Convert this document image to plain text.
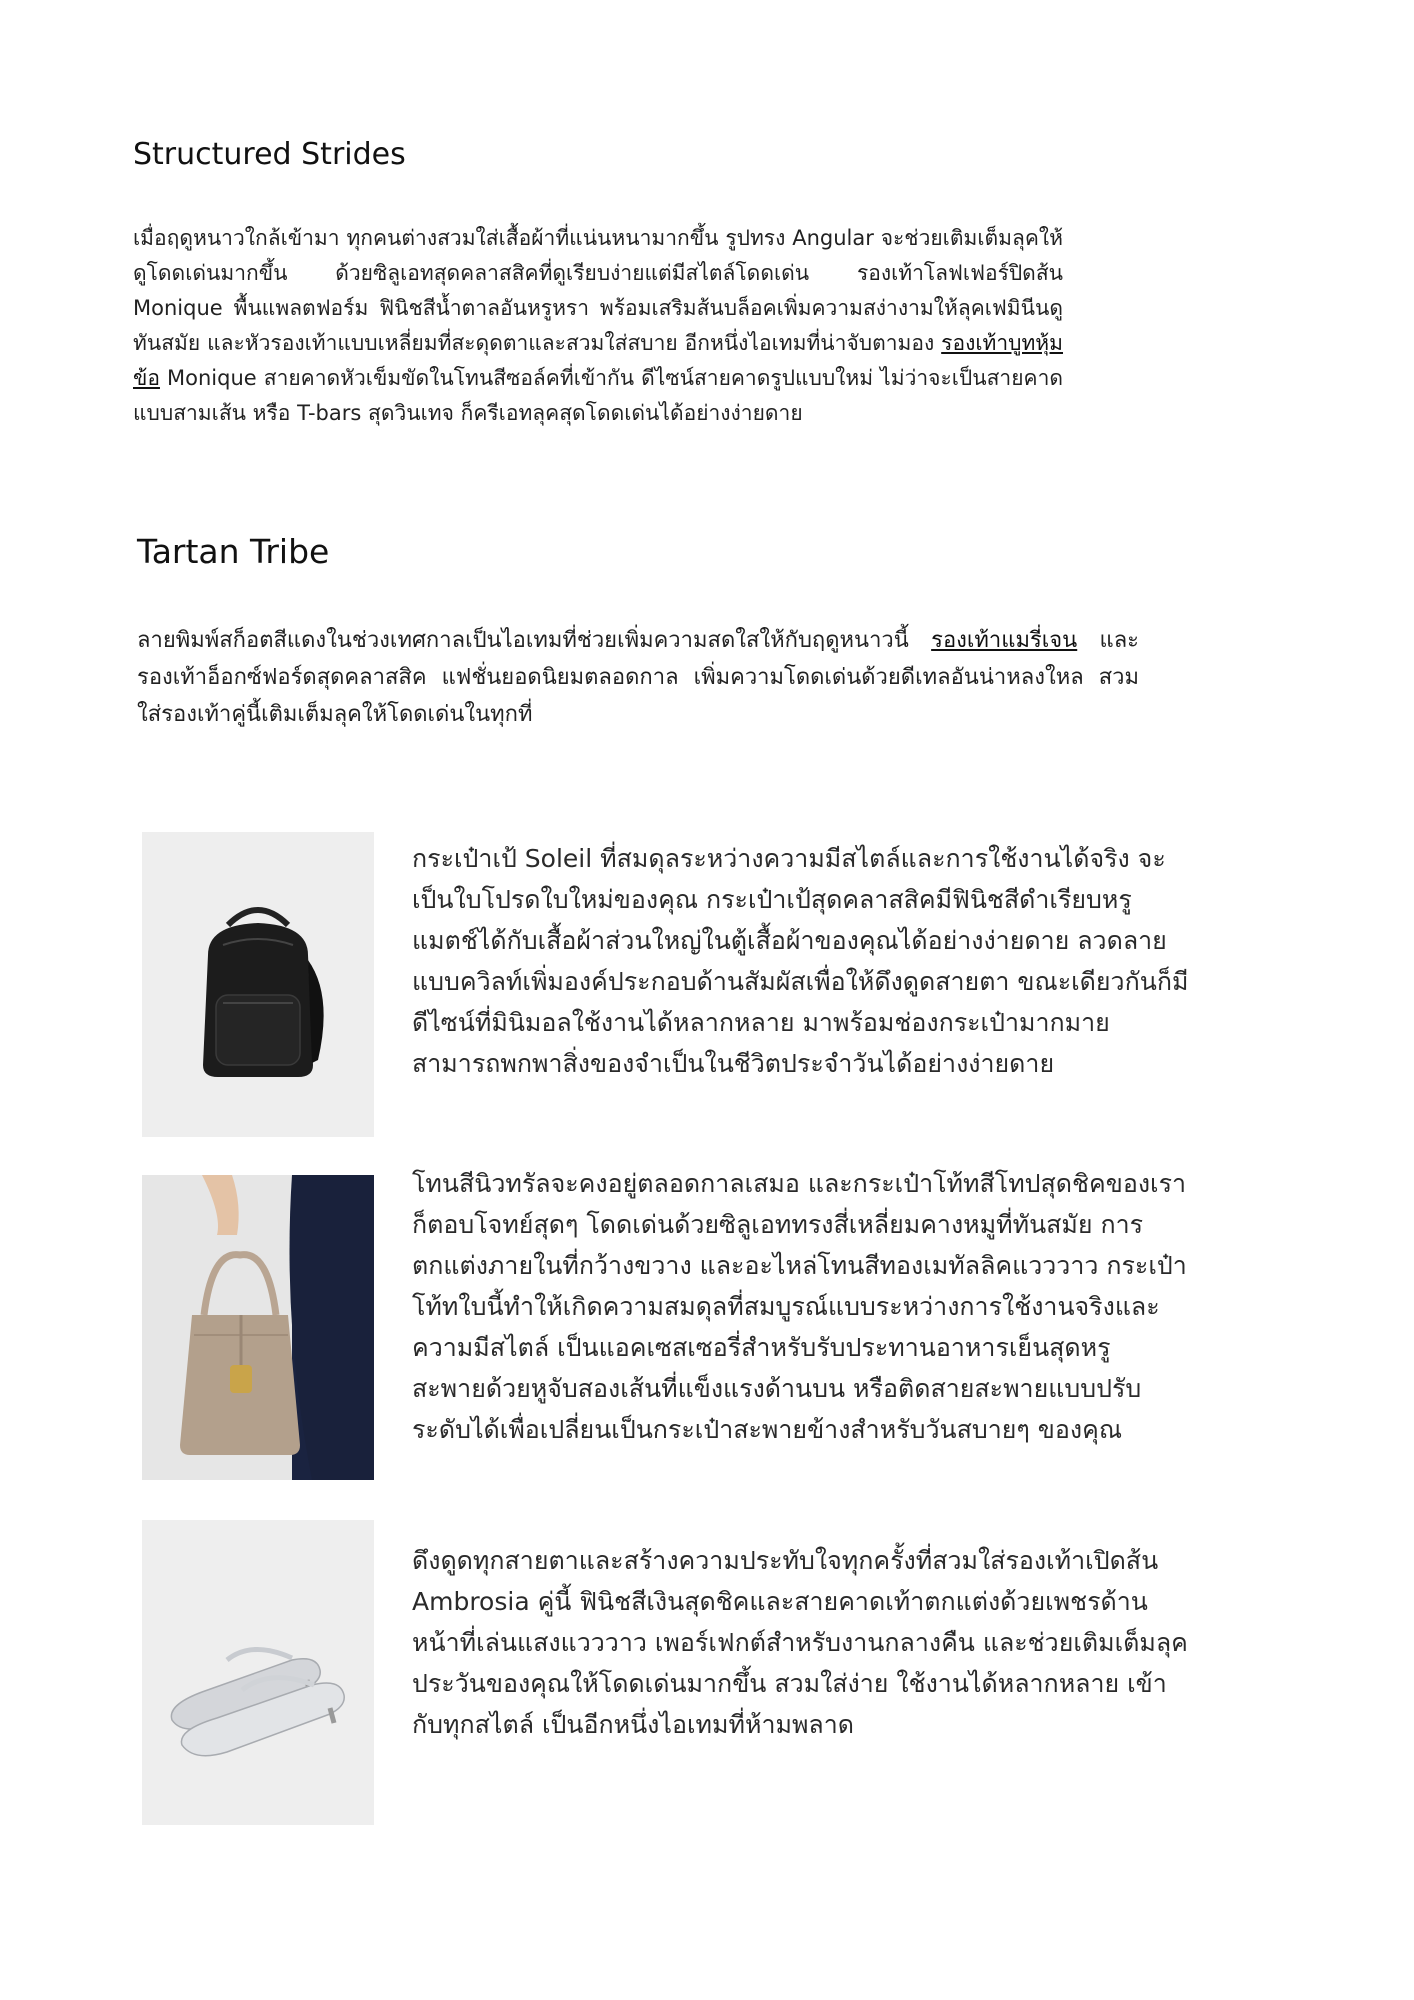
Structured Strides
เมื่อฤดูหนาวใกล้เข้ามา ทุกคนต่างสวมใส่เสื้อผ้าที่แน่นหนามากขึ้น รูปทรง Angular จะช่วยเติมเต็มลุคให้ดูโดดเด่นมากขึ้น ด้วยซิลูเอทสุดคลาสสิคที่ดูเรียบง่ายแต่มีสไตล์โดดเด่น รองเท้าโลฟเฟอร์ปิดส้น Monique พื้นแพลตฟอร์ม ฟินิชสีน้ำตาลอันหรูหรา พร้อมเสริมส้นบล็อคเพิ่มความสง่างามให้ลุคเฟมินีนดูทันสมัย และหัวรองเท้าแบบเหลี่ยมที่สะดุดตาและสวมใส่สบาย อีกหนึ่งไอเทมที่น่าจับตามอง รองเท้าบูทหุ้มข้อ Monique สายคาดหัวเข็มขัดในโทนสีซอล์คที่เข้ากัน ดีไซน์สายคาดรูปแบบใหม่ ไม่ว่าจะเป็นสายคาดแบบสามเส้น หรือ T-bars สุดวินเทจ ก็ครีเอทลุคสุดโดดเด่นได้อย่างง่ายดาย
Tartan Tribe
ลายพิมพ์สก็อตสีแดงในช่วงเทศกาลเป็นไอเทมที่ช่วยเพิ่มความสดใสให้กับฤดูหนาวนี้ รองเท้าแมรี่เจน และรองเท้าอ็อกซ์ฟอร์ดสุดคลาสสิค แฟชั่นยอดนิยมตลอดกาล เพิ่มความโดดเด่นด้วยดีเทลอันน่าหลงใหล สวมใส่รองเท้าคู่นี้เติมเต็มลุคให้โดดเด่นในทุกที่
กระเป๋าเป้ Soleil ที่สมดุลระหว่างความมีสไตล์และการใช้งานได้จริง จะเป็นใบโปรดใบใหม่ของคุณ กระเป๋าเป้สุดคลาสสิคมีฟินิชสีดำเรียบหรูแมตช์ได้กับเสื้อผ้าส่วนใหญ่ในตู้เสื้อผ้าของคุณได้อย่างง่ายดาย ลวดลายแบบควิลท์เพิ่มองค์ประกอบด้านสัมผัสเพื่อให้ดึงดูดสายตา ขณะเดียวกันก็มีดีไซน์ที่มินิมอลใช้งานได้หลากหลาย มาพร้อมช่องกระเป๋ามากมาย สามารถพกพาสิ่งของจำเป็นในชีวิตประจำวันได้อย่างง่ายดาย
โทนสีนิวทรัลจะคงอยู่ตลอดกาลเสมอ และกระเป๋าโท้ทสีโทปสุดชิคของเราก็ตอบโจทย์สุดๆ โดดเด่นด้วยซิลูเอททรงสี่เหลี่ยมคางหมูที่ทันสมัย การตกแต่งภายในที่กว้างขวาง และอะไหล่โทนสีทองเมทัลลิคแวววาว กระเป๋าโท้ทใบนี้ทำให้เกิดความสมดุลที่สมบูรณ์แบบระหว่างการใช้งานจริงและความมีสไตล์ เป็นแอคเซสเซอรี่สำหรับรับประทานอาหารเย็นสุดหรู สะพายด้วยหูจับสองเส้นที่แข็งแรงด้านบน หรือติดสายสะพายแบบปรับระดับได้เพื่อเปลี่ยนเป็นกระเป๋าสะพายข้างสำหรับวันสบายๆ ของคุณ
ดึงดูดทุกสายตาและสร้างความประทับใจทุกครั้งที่สวมใส่รองเท้าเปิดส้น Ambrosia คู่นี้ ฟินิชสีเงินสุดชิคและสายคาดเท้าตกแต่งด้วยเพชรด้านหน้าที่เล่นแสงแวววาว เพอร์เฟกต์สำหรับงานกลางคืน และช่วยเติมเต็มลุคประวันของคุณให้โดดเด่นมากขึ้น สวมใส่ง่าย ใช้งานได้หลากหลาย เข้ากับทุกสไตล์ เป็นอีกหนึ่งไอเทมที่ห้ามพลาด
